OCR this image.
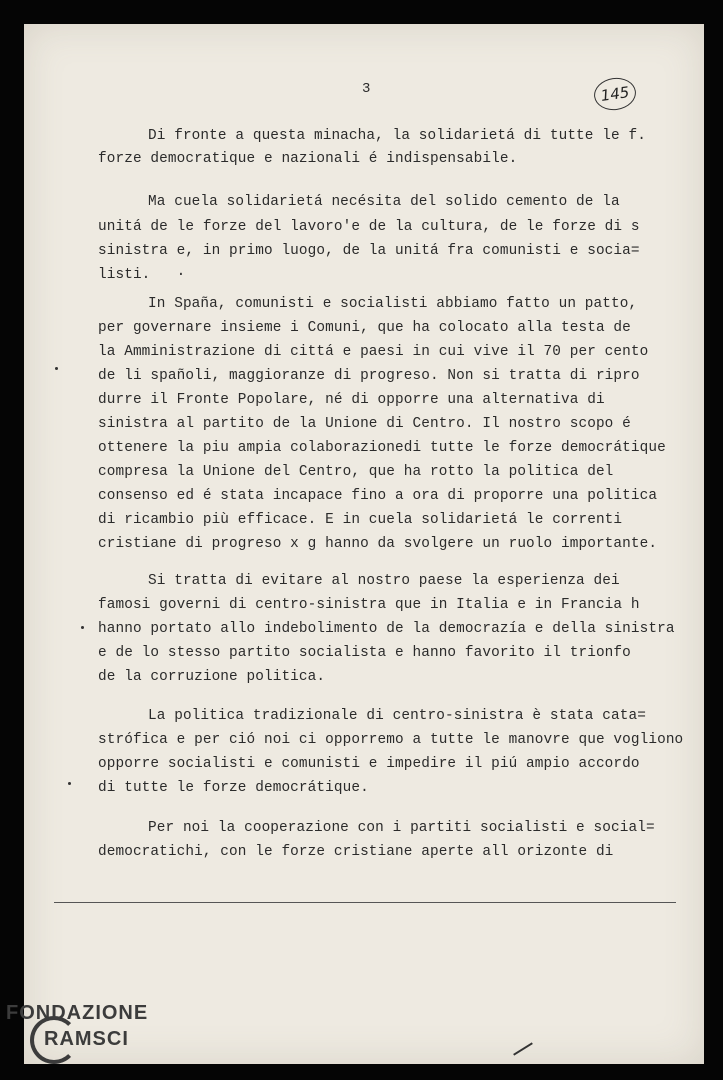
3	145
Di fronte a questa minacha, la solidarietá di tutte le f.
forze democratique e nazionali é indispensabile.
Ma cuela solidarietá necésita del solido cemento de la
unitá de le forze del lavoro'e de la cultura, de le forze di s
sinistra e, in primo luogo, de la unitá fra comunisti e socia=
listi.   ·
In Spaña, comunisti e socialisti abbiamo fatto un patto,
per governare insieme i Comuni, que ha colocato alla testa de
la Amministrazione di cittá e paesi in cui vive il 70 per cento
de li spañoli, maggioranze di progreso. Non si tratta di ripro
durre il Fronte Popolare, né di opporre una alternativa di
sinistra al partito de la Unione di Centro. Il nostro scopo é
ottenere la piu ampia colaborazionedi tutte le forze democrátique
compresa la Unione del Centro, que ha rotto la politica del
consenso ed é stata incapace fino a ora di proporre una politica
di ricambio più efficace. E in cuela solidarietá le correnti
cristiane di progreso x g hanno da svolgere un ruolo importante.
Si tratta di evitare al nostro paese la esperienza dei
famosi governi di centro-sinistra que in Italia e in Francia h
hanno portato allo indebolimento de la democrazía e della sinistra
e de lo stesso partito socialista e hanno favorito il trionfo
de la corruzione politica.
La politica tradizionale di centro-sinistra è stata cata=
strófica e per ció noi ci opporremo a tutte le manovre que vogliono
opporre socialisti e comunisti e impedire il piú ampio accordo
di tutte le forze democrátique.
Per noi la cooperazione con i partiti socialisti e social=
democratichi, con le forze cristiane aperte all orizonte di
FONDAZIONE
RAMSCI
